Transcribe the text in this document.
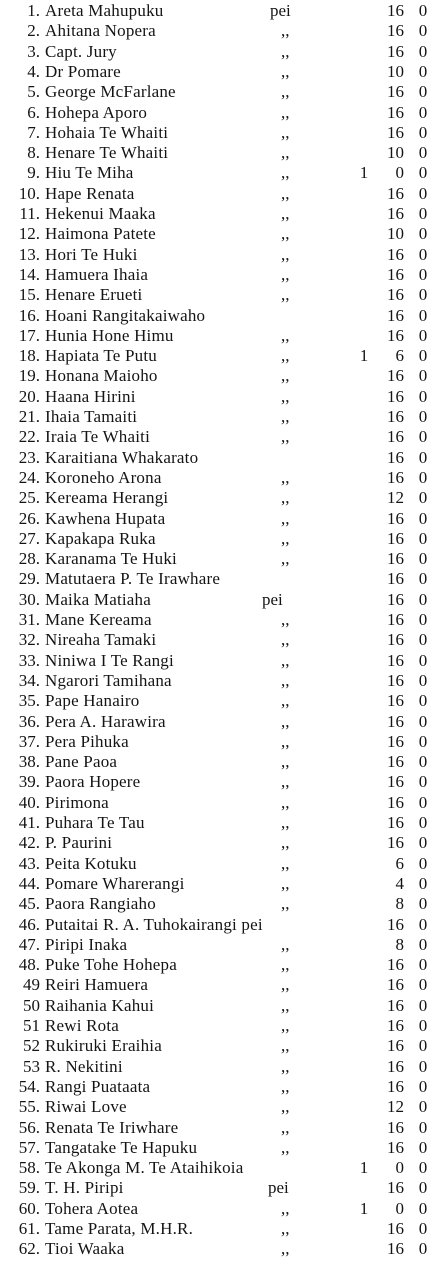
1. Areta Mahupuku	pei	16 0
2. Ahitana Nopera	,,	16 0
3. Capt. Jury	,,	16 0
4. Dr Pomare	,,	10 0
5. George McFarlane	,,	16 0
6. Hohepa Aporo	,,	16 0
7. Hohaia Te Whaiti	,,	16 0
8. Henare Te Whaiti	,,	10 0
9. Hiu Te Miha	,,	1	0 0
10. Hape Renata	,,	16 0
11. Hekenui Maaka	,,	16 0
12. Haimona Patete	,,	10 0
13. Hori Te Huki	,,	16 0
14. Hamuera Ihaia	,,	16 0
15. Henare Erueti	,,	16 0
16. Hoani Rangitakaiwaho	16 0
17. Hunia Hone Himu	,,	16 0
18. Hapiata Te Putu	,,	1	6 0
19. Honana Maioho	,,	16 0
20. Haana Hirini	,,	16 0
21. Ihaia Tamaiti	,,	16 0
22. Iraia Te Whaiti	,,	16 0
23. Karaitiana Whakarato	16 0
24. Koroneho Arona	,,	16 0
25. Kereama Herangi	,,	12 0
26. Kawhena Hupata	,,	16 0
27. Kapakapa Ruka	,,	16 0
28. Karanama Te Huki	,,	16 0
29. Matutaera P. Te Irawhare	16 0
30. Maika Matiaha	pei	16 0
31. Mane Kereama	,,	16 0
32. Nireaha Tamaki	,,	16 0
33. Niniwa I Te Rangi	,,	16 0
34. Ngarori Tamihana	,,	16 0
35. Pape Hanairo	,,	16 0
36. Pera A. Harawira	,,	16 0
37. Pera Pihuka	,,	16 0
38. Pane Paoa	,,	16 0
39. Paora Hopere	,,	16 0
40. Pirimona	,,	16 0
41. Puhara Te Tau	,,	16 0
42. P. Paurini	,,	16 0
43. Peita Kotuku	,,	6 0
44. Pomare Wharerangi	,,	4 0
45. Paora Rangiaho	,,	8 0
46. Putaitai R. A. Tuhokairangi pei	16 0
47. Piripi Inaka	,,	8 0
48. Puke Tohe Hohepa	,,	16 0
49 Reiri Hamuera	,,	16 0
50 Raihania Kahui	,,	16 0
51 Rewi Rota	,,	16 0
52 Rukiruki Eraihia	,,	16 0
53 R. Nekitini	,,	16 0
54. Rangi Puataata	,,	16 0
55. Riwai Love	,,	12 0
56. Renata Te Iriwhare	,,	16 0
57. Tangatake Te Hapuku	,,	16 0
58. Te Akonga M. Te Ataihikoia	1	0 0
59. T. H. Piripi	pei	16 0
60. Tohera Aotea	,,	1	0 0
61. Tame Parata, M.H.R.	,,	16 0
62. Tioi Waaka	,,	16 0
